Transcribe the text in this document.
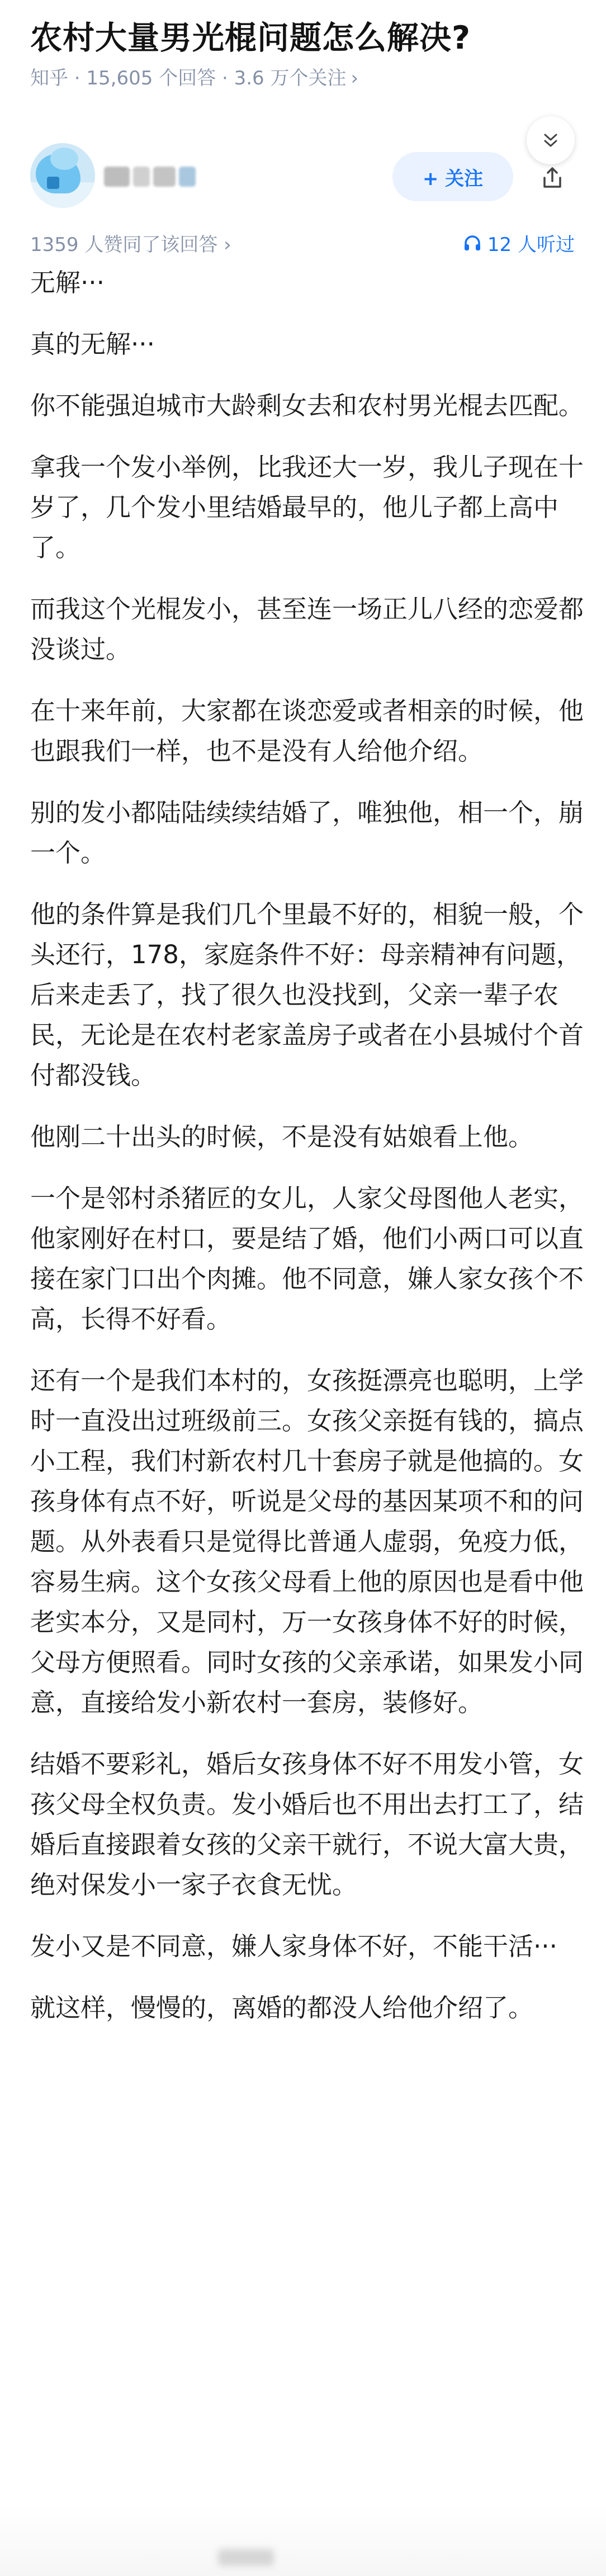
农村大量男光棍问题怎么解决?
知乎 · 15,605 个回答 · 3.6 万个关注 ›
+ 关注
1359 人赞同了该回答 ›	12 人听过

无解···

真的无解···

你不能强迫城市大龄剩女去和农村男光棍去匹配。

拿我一个发小举例，比我还大一岁，我儿子现在十岁了，几个发小里结婚最早的，他儿子都上高中了。

而我这个光棍发小，甚至连一场正儿八经的恋爱都没谈过。

在十来年前，大家都在谈恋爱或者相亲的时候，他也跟我们一样，也不是没有人给他介绍。

别的发小都陆陆续续结婚了，唯独他，相一个，崩一个。

他的条件算是我们几个里最不好的，相貌一般，个头还行，178，家庭条件不好：母亲精神有问题，后来走丢了，找了很久也没找到，父亲一辈子农民，无论是在农村老家盖房子或者在小县城付个首付都没钱。

他刚二十出头的时候，不是没有姑娘看上他。

一个是邻村杀猪匠的女儿，人家父母图他人老实，他家刚好在村口，要是结了婚，他们小两口可以直接在家门口出个肉摊。他不同意，嫌人家女孩个不高，长得不好看。

还有一个是我们本村的，女孩挺漂亮也聪明，上学时一直没出过班级前三。女孩父亲挺有钱的，搞点小工程，我们村新农村几十套房子就是他搞的。女孩身体有点不好，听说是父母的基因某项不和的问题。从外表看只是觉得比普通人虚弱，免疫力低，容易生病。这个女孩父母看上他的原因也是看中他老实本分，又是同村，万一女孩身体不好的时候，父母方便照看。同时女孩的父亲承诺，如果发小同意，直接给发小新农村一套房，装修好。

结婚不要彩礼，婚后女孩身体不好不用发小管，女孩父母全权负责。发小婚后也不用出去打工了，结婚后直接跟着女孩的父亲干就行，不说大富大贵，绝对保发小一家子衣食无忧。

发小又是不同意，嫌人家身体不好，不能干活···

就这样，慢慢的，离婚的都没人给他介绍了。
